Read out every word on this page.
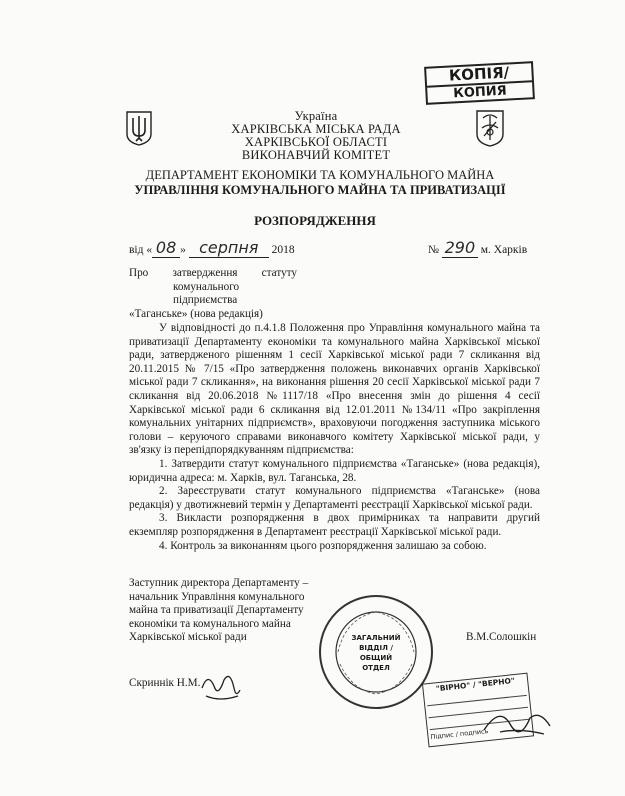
КОПІЯ/
КОПИЯ
Україна
ХАРКІВСЬКА МІСЬКА РАДА
ХАРКІВСЬКОЇ ОБЛАСТІ
ВИКОНАВЧИЙ КОМІТЕТ
ДЕПАРТАМЕНТ ЕКОНОМІКИ ТА КОМУНАЛЬНОГО МАЙНА
УПРАВЛІННЯ КОМУНАЛЬНОГО МАЙНА ТА ПРИВАТИЗАЦІЇ
РОЗПОРЯДЖЕННЯ
від « 08 » серпня 2018	№ 290 м. Харків
Про затвердження статуту
комунального підприємства
«Таганське» (нова редакція)
У відповідності до п.4.1.8 Положення про Управління комунального майна та приватизації Департаменту економіки та комунального майна Харківської міської ради, затвердженого рішенням 1 сесії Харківської міської ради 7 скликання від 20.11.2015 № 7/15 «Про затвердження положень виконавчих органів Харківської міської ради 7 скликання», на виконання рішення 20 сесії Харківської міської ради 7 скликання від 20.06.2018 №1117/18 «Про внесення змін до рішення 4 сесії Харківської міської ради 6 скликання від 12.01.2011 №134/11 «Про закріплення комунальних унітарних підприємств», враховуючи погодження заступника міського голови – керуючого справами виконавчого комітету Харківської міської ради, у зв'язку із перепідпорядкуванням підприємства:
1. Затвердити статут комунального підприємства «Таганське» (нова редакція), юридична адреса: м. Харків, вул. Таганська, 28.
2. Зареєструвати статут комунального підприємства «Таганське» (нова редакція) у двотижневий термін у Департаменті реєстрації Харківської міської ради.
3. Викласти розпорядження в двох примірниках та направити другий екземпляр розпорядження в Департамент реєстрації Харківської міської ради.
4. Контроль за виконанням цього розпорядження залишаю за собою.
Заступник директора Департаменту –
начальник Управління комунального
майна та приватизації Департаменту
економіки та комунального майна
Харківської міської ради	В.М.Солошкін
ЗАГАЛЬНИЙ
ВІДДІЛ /
ОБЩИЙ ОТДЕЛ
"ВІРНО" / "ВЕРНО"
Підпис / подпись
Скриннік Н.М.
